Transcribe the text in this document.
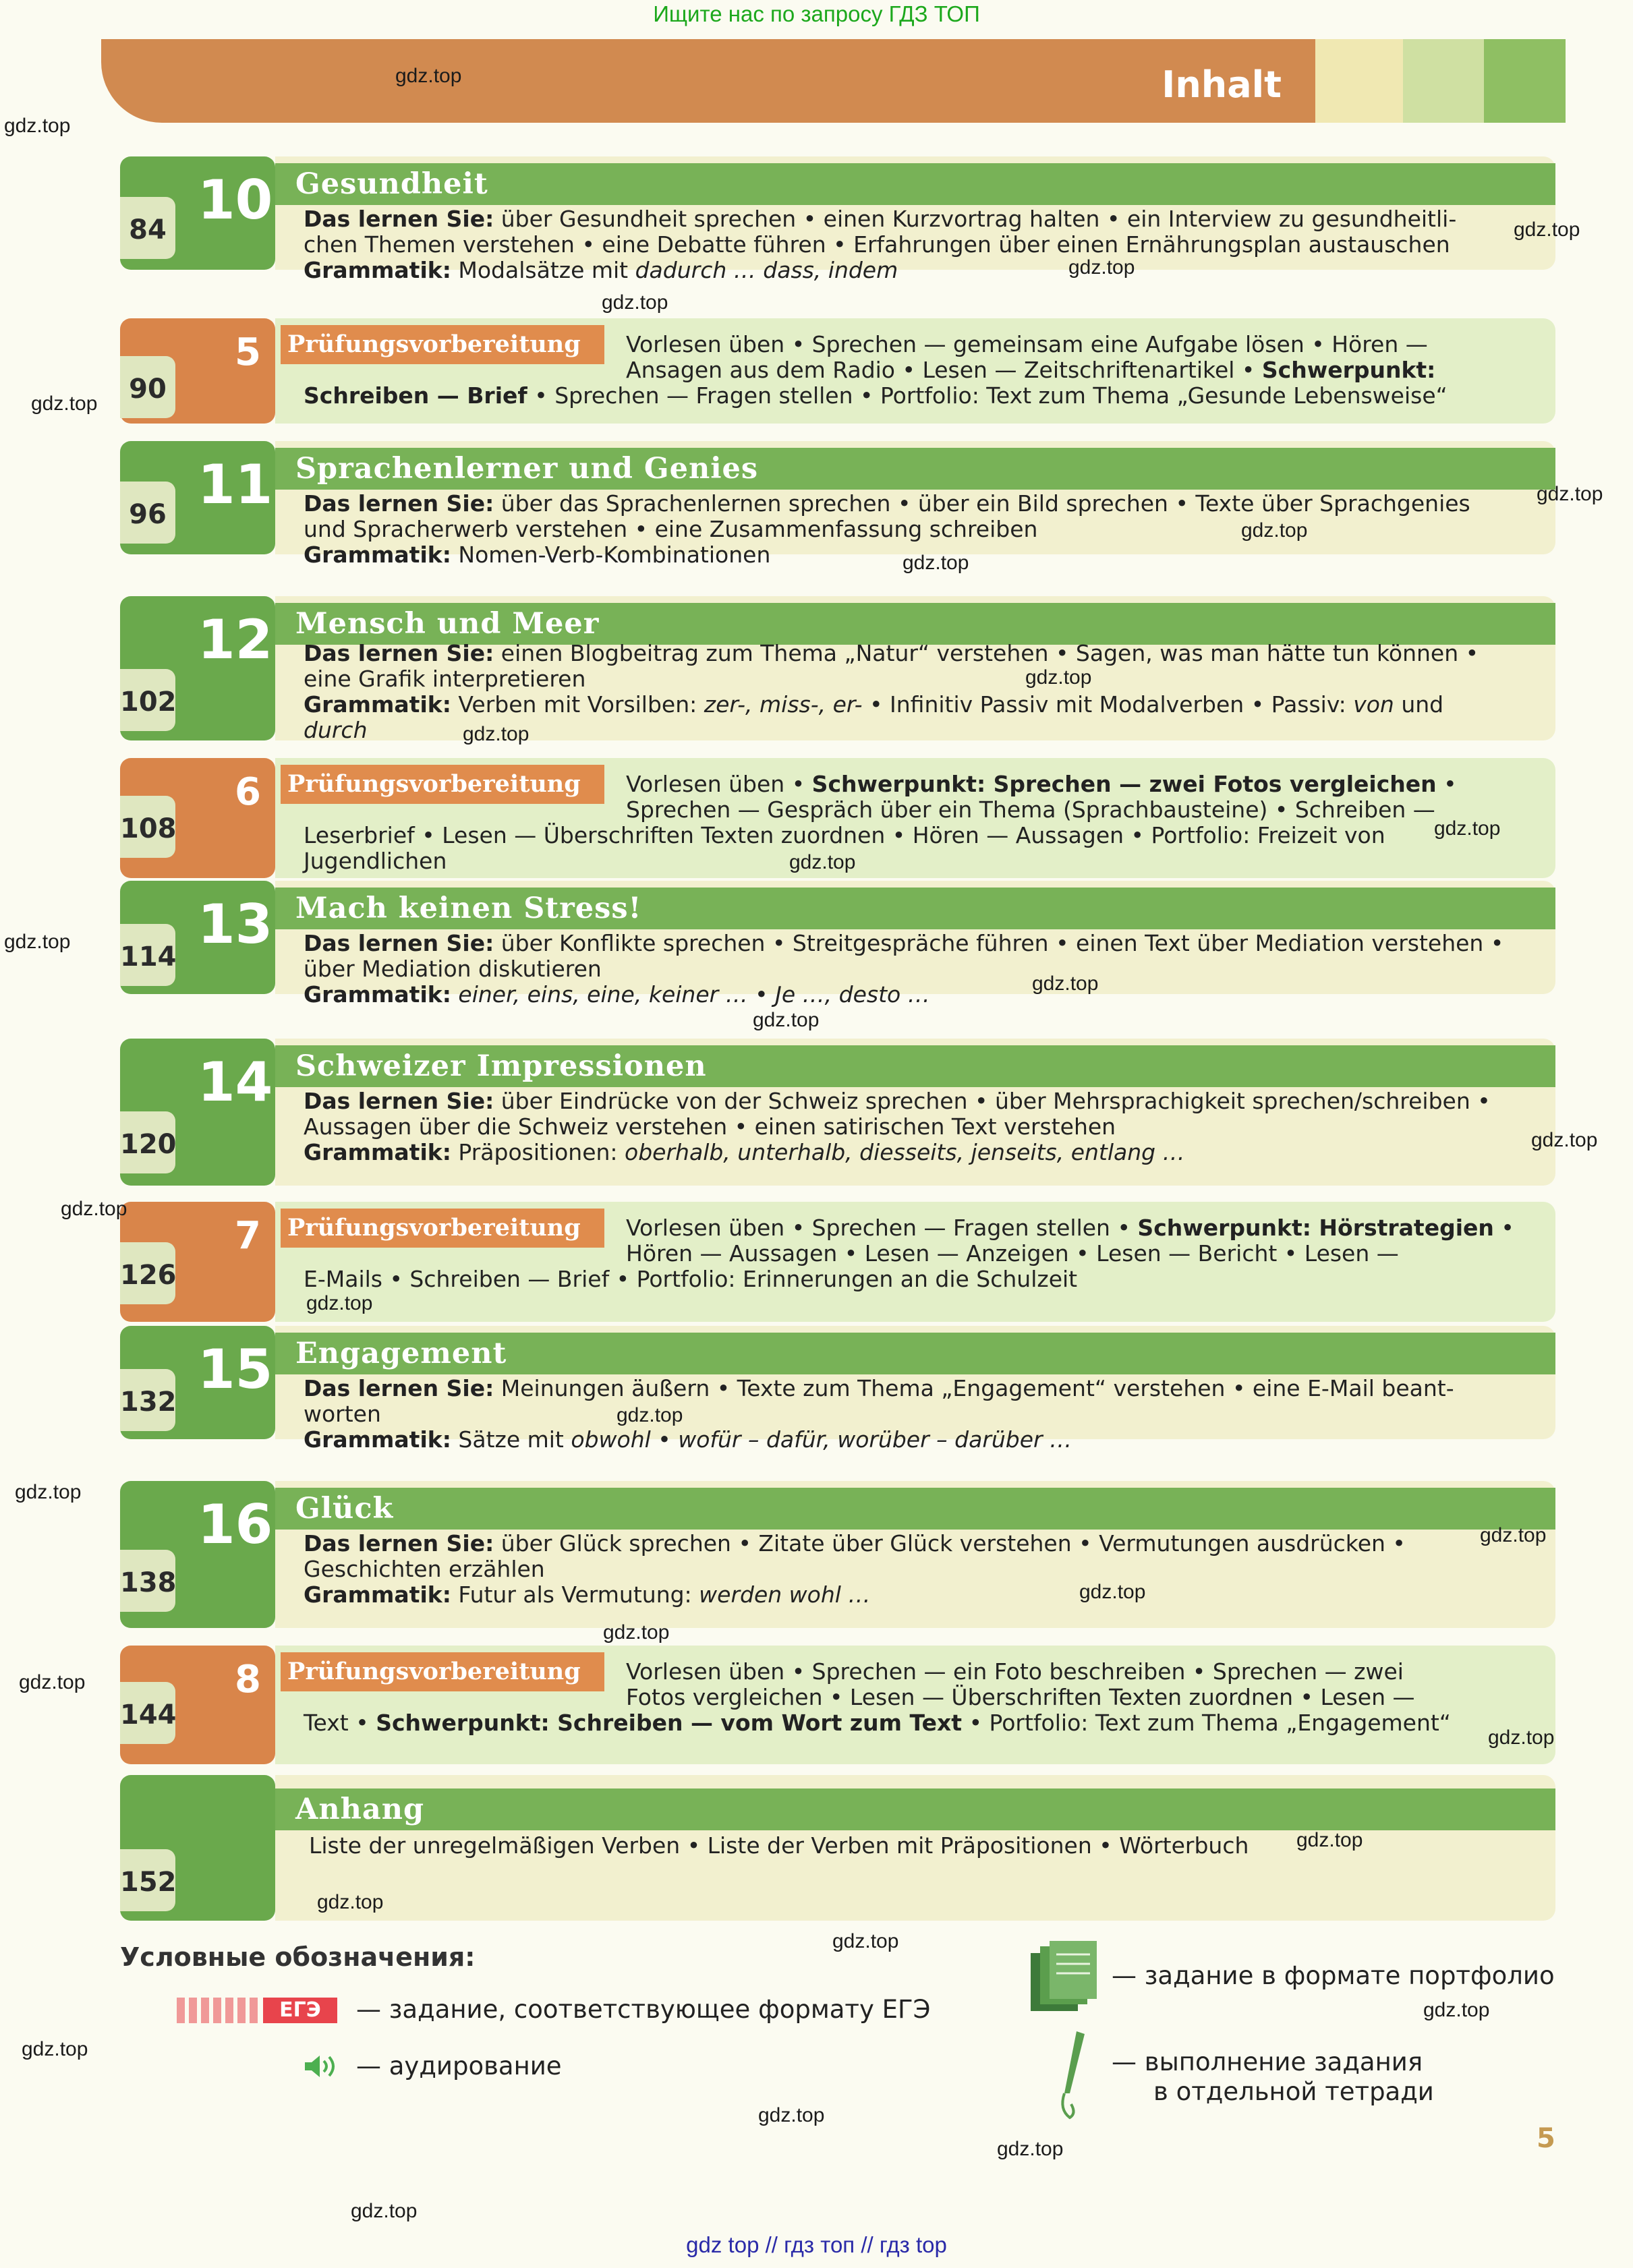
Ищите нас по запросу ГДЗ ТОП
Inhalt
10
84
Gesundheit

Das lernen Sie: über Gesundheit sprechen • einen Kurzvortrag halten • ein Interview zu gesundheitli-
chen Themen verstehen • eine Debatte führen • Erfahrungen über einen Ernährungsplan austauschen
Grammatik: Modalsätze mit dadurch … dass, indem

5
90
Prüfungsvorbereitung Vorlesen üben • Sprechen — gemeinsam eine Aufgabe lösen • Hören —
Ansagen aus dem Radio • Lesen — Zeitschriftenartikel • Schwerpunkt:

Schreiben — Brief • Sprechen — Fragen stellen • Portfolio: Text zum Thema „Gesunde Lebensweise“

11
96
Sprachenlerner und Genies

Das lernen Sie: über das Sprachenlernen sprechen • über ein Bild sprechen • Texte über Sprachgenies
und Spracherwerb verstehen • eine Zusammenfassung schreiben
Grammatik: Nomen-Verb-Kombinationen

12
102
Mensch und Meer

Das lernen Sie: einen Blogbeitrag zum Thema „Natur“ verstehen • Sagen, was man hätte tun können •
eine Grafik interpretieren
Grammatik: Verben mit Vorsilben: zer-, miss-, er- • Infinitiv Passiv mit Modalverben • Passiv: von und
durch

6
108
Prüfungsvorbereitung Vorlesen üben • Schwerpunkt: Sprechen — zwei Fotos vergleichen •
Sprechen — Gespräch über ein Thema (Sprachbausteine) • Schreiben —

Leserbrief • Lesen — Überschriften Texten zuordnen • Hören — Aussagen • Portfolio: Freizeit von
Jugendlichen

13
114
Mach keinen Stress!

Das lernen Sie: über Konflikte sprechen • Streitgespräche führen • einen Text über Mediation verstehen •
über Mediation diskutieren
Grammatik: einer, eins, eine, keiner … • Je …, desto …

14
120
Schweizer Impressionen

Das lernen Sie: über Eindrücke von der Schweiz sprechen • über Mehrsprachigkeit sprechen/schreiben •
Aussagen über die Schweiz verstehen • einen satirischen Text verstehen
Grammatik: Präpositionen: oberhalb, unterhalb, diesseits, jenseits, entlang …

7
126
Prüfungsvorbereitung Vorlesen üben • Sprechen — Fragen stellen • Schwerpunkt: Hörstrategien •
Hören — Aussagen • Lesen — Anzeigen • Lesen — Bericht • Lesen —

E-Mails • Schreiben — Brief • Portfolio: Erinnerungen an die Schulzeit

15
132
Engagement

Das lernen Sie: Meinungen äußern • Texte zum Thema „Engagement“ verstehen • eine E-Mail beant-
worten
Grammatik: Sätze mit obwohl • wofür – dafür, worüber – darüber …

16
138
Glück

Das lernen Sie: über Glück sprechen • Zitate über Glück verstehen • Vermutungen ausdrücken •
Geschichten erzählen
Grammatik: Futur als Vermutung: werden wohl …

8
144
Prüfungsvorbereitung Vorlesen üben • Sprechen — ein Foto beschreiben • Sprechen — zwei
Fotos vergleichen • Lesen — Überschriften Texten zuordnen • Lesen —

Text • Schwerpunkt: Schreiben — vom Wort zum Text • Portfolio: Text zum Thema „Engagement“

152
Anhang

Liste der unregelmäßigen Verben • Liste der Verben mit Präpositionen • Wörterbuch

Условные обозначения:
ЕГЭ	— задание, соответствующее формату ЕГЭ
— аудирование
— задание в формате портфолио
— выполнение задания
в отдельной тетради
5
gdz.top
gdz.top
gdz.top
gdz.top
gdz.top
gdz.top
gdz.top
gdz.top
gdz.top
gdz.top
gdz.top
gdz.top
gdz.top
gdz.top
gdz.top
gdz.top
gdz.top
gdz.top
gdz.top
gdz.top
gdz.top
gdz.top
gdz.top
gdz.top
gdz.top
gdz.top
gdz.top
gdz.top
gdz.top
gdz.top
gdz.top
gdz.top
gdz.top
gdz.top
gdz top // гдз топ // гдз top
